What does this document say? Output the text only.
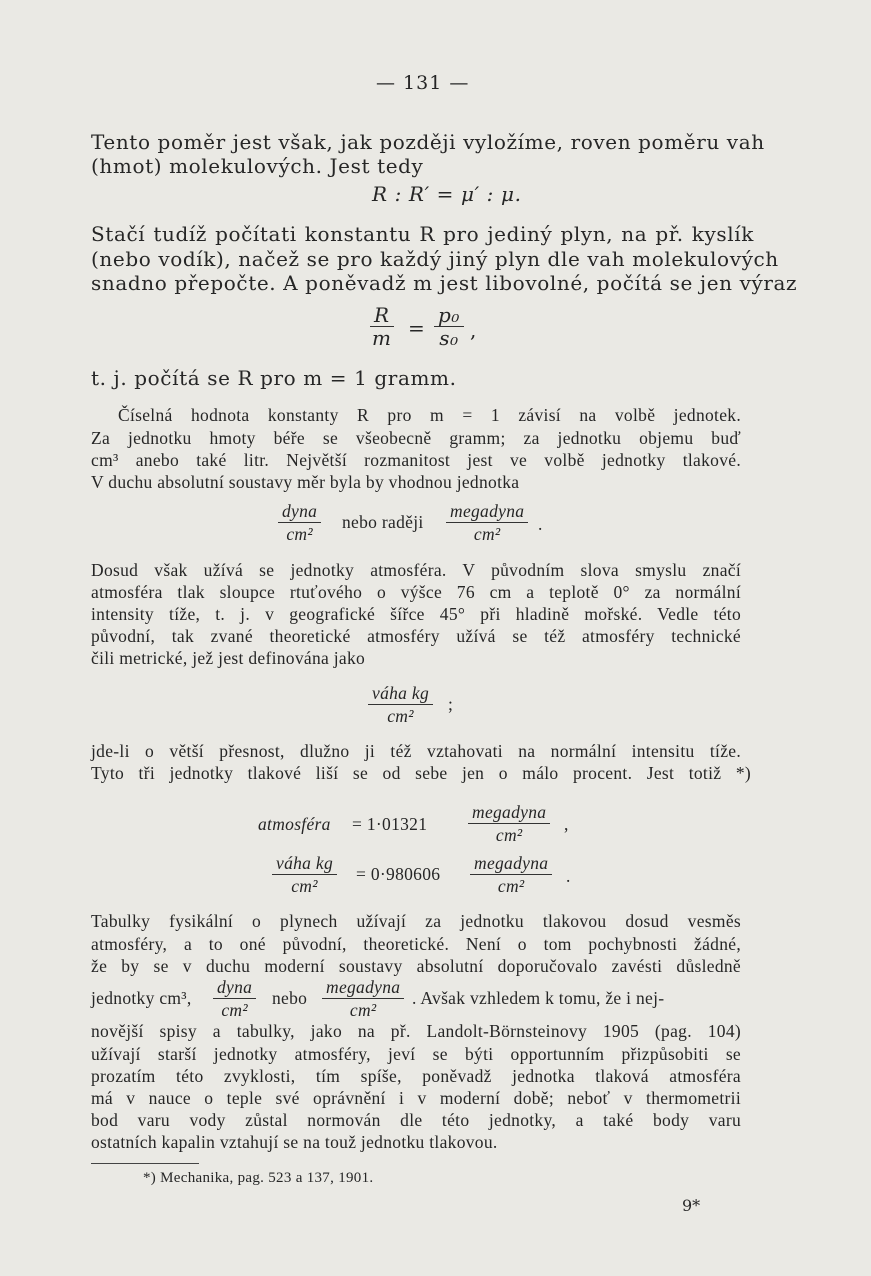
— 131 —
Tento poměr jest však, jak později vyložíme, roven poměru vah
(hmot) molekulových. Jest tedy
R : R′ = μ′ : μ.
Stačí tudíž počítati konstantu R pro jediný plyn, na př. kyslík
(nebo vodík), načež se pro každý jiný plyn dle vah molekulových
snadno přepočte. A poněvadž m jest libovolné, počítá se jen výraz
$\frac{R}{m} = \frac{\text{p₀}}{\text{s₀}}$ ,
t. j. počítá se R pro m = 1 gramm.
Číselná hodnota konstanty R pro m = 1 závisí na volbě jednotek.
Za jednotku hmoty béře se všeobecně gramm; za jednotku objemu buď
cm³ anebo také litr. Největší rozmanitost jest ve volbě jednotky tlakové.
V duchu absolutní soustavy měr byla by vhodnou jednotka
dyna
cm²
nebo raději
megadyna
cm² .
Dosud však užívá se jednotky atmosféra. V původním slova smyslu značí
atmosféra tlak sloupce rtuťového o výšce 76 cm a teplotě 0° za normální
intensity tíže, t. j. v geografické šířce 45° při hladině mořské. Vedle této
původní, tak zvané theoretické atmosféry užívá se též atmosféry technické
čili metrické, jež jest definována jako
váha kg
cm²
;
jde-li o větší přesnost, dlužno ji též vztahovati na normální intensitu tíže.
Tyto tři jednotky tlakové liší se od sebe jen o málo procent. Jest totiž *)
atmosféra = 1·01321
megadyna
cm²
,
váha kg
cm²
= 0·980606
megadyna
cm² .
Tabulky fysikální o plynech užívají za jednotku tlakovou dosud vesměs
atmosféry, a to oné původní, theoretické. Není o tom pochybnosti žádné,
že by se v duchu moderní soustavy absolutní doporučovalo zavésti důsledně
jednotky cm³,
dyna
cm²
nebo
megadyna
cm²
. Avšak vzhledem k tomu, že i nej-
novější spisy a tabulky, jako na př. Landolt-Börnsteinovy 1905 (pag. 104)
užívají starší jednotky atmosféry, jeví se býti opportunním přizpůsobiti se
prozatím této zvyklosti, tím spíše, poněvadž jednotka tlaková atmosféra
má v nauce o teple své oprávnění i v moderní době; neboť v thermometrii
bod varu vody zůstal normován dle této jednotky, a také body varu
ostatních kapalin vztahují se na touž jednotku tlakovou.
*) Mechanika, pag. 523 a 137, 1901.
9*
